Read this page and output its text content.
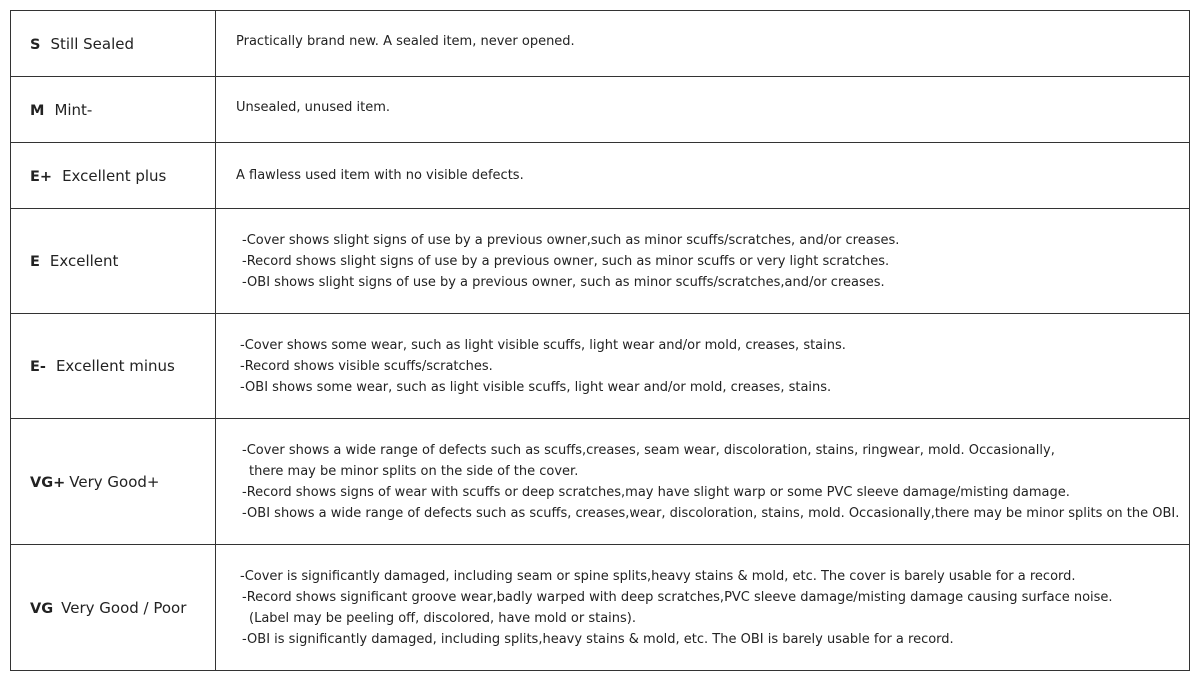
S Still Sealed	Practically brand new. A sealed item, never opened.

M Mint-	Unsealed, unused item.

E+ Excellent plus	A flawless used item with no visible defects.

E Excellent	-Cover shows slight signs of use by a previous owner,such as minor scuffs/scratches, and/or creases.
-Record shows slight signs of use by a previous owner, such as minor scuffs or very light scratches.
-OBI shows slight signs of use by a previous owner, such as minor scuffs/scratches,and/or creases.

E- Excellent minus	-Cover shows some wear, such as light visible scuffs, light wear and/or mold, creases, stains.
-Record shows visible scuffs/scratches.
-OBI shows some wear, such as light visible scuffs, light wear and/or mold, creases, stains.

VG+ Very Good+	-Cover shows a wide range of defects such as scuffs,creases, seam wear, discoloration, stains, ringwear, mold. Occasionally,
there may be minor splits on the side of the cover.
-Record shows signs of wear with scuffs or deep scratches,may have slight warp or some PVC sleeve damage/misting damage.
-OBI shows a wide range of defects such as scuffs, creases,wear, discoloration, stains, mold. Occasionally,there may be minor splits on the OBI.

VG Very Good / Poor	-Cover is significantly damaged, including seam or spine splits,heavy stains & mold, etc. The cover is barely usable for a record.
-Record shows significant groove wear,badly warped with deep scratches,PVC sleeve damage/misting damage causing surface noise.
(Label may be peeling off, discolored, have mold or stains).
-OBI is significantly damaged, including splits,heavy stains & mold, etc. The OBI is barely usable for a record.
